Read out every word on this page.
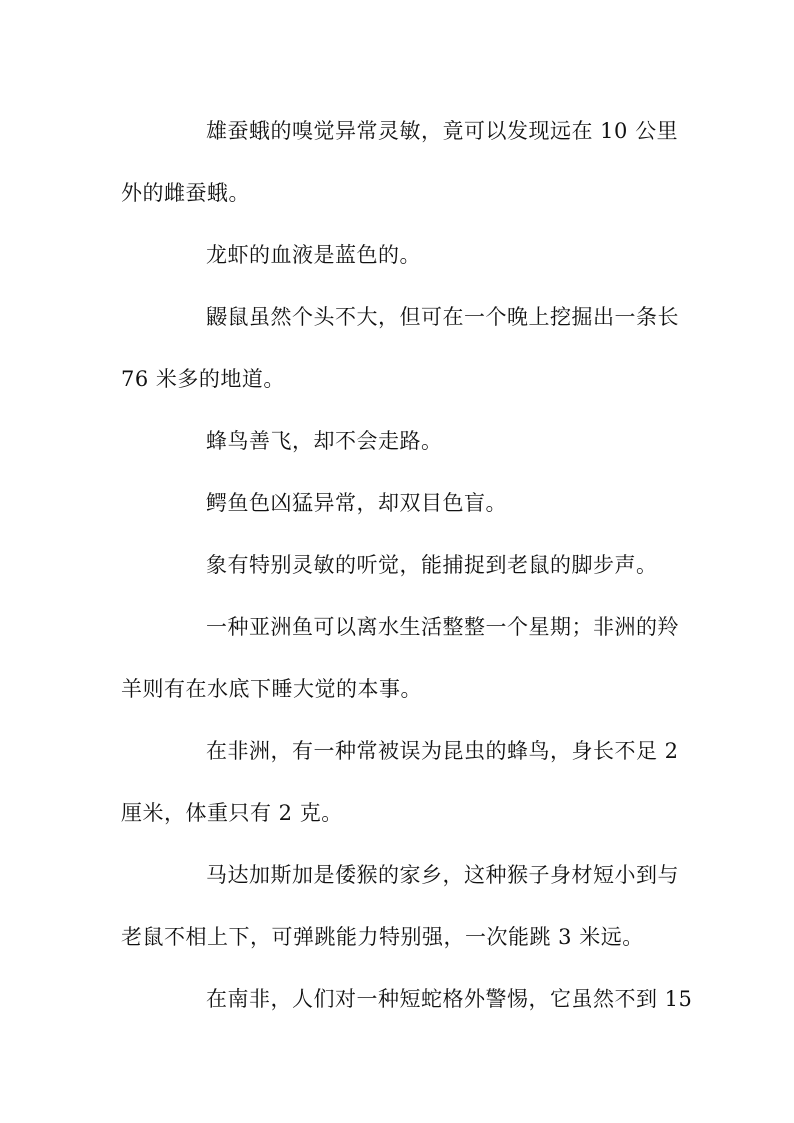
雄蚕蛾的嗅觉异常灵敏，竟可以发现远在 10 公里
外的雌蚕蛾。
龙虾的血液是蓝色的。
鼹鼠虽然个头不大，但可在一个晚上挖掘出一条长
76 米多的地道。
蜂鸟善飞，却不会走路。
鳄鱼色凶猛异常，却双目色盲。
象有特别灵敏的听觉，能捕捉到老鼠的脚步声。
一种亚洲鱼可以离水生活整整一个星期；非洲的羚
羊则有在水底下睡大觉的本事。
在非洲，有一种常被误为昆虫的蜂鸟，身长不足 2
厘米，体重只有 2 克。
马达加斯加是倭猴的家乡，这种猴子身材短小到与
老鼠不相上下，可弹跳能力特别强，一次能跳 3 米远。
在南非，人们对一种短蛇格外警惕，它虽然不到 15
